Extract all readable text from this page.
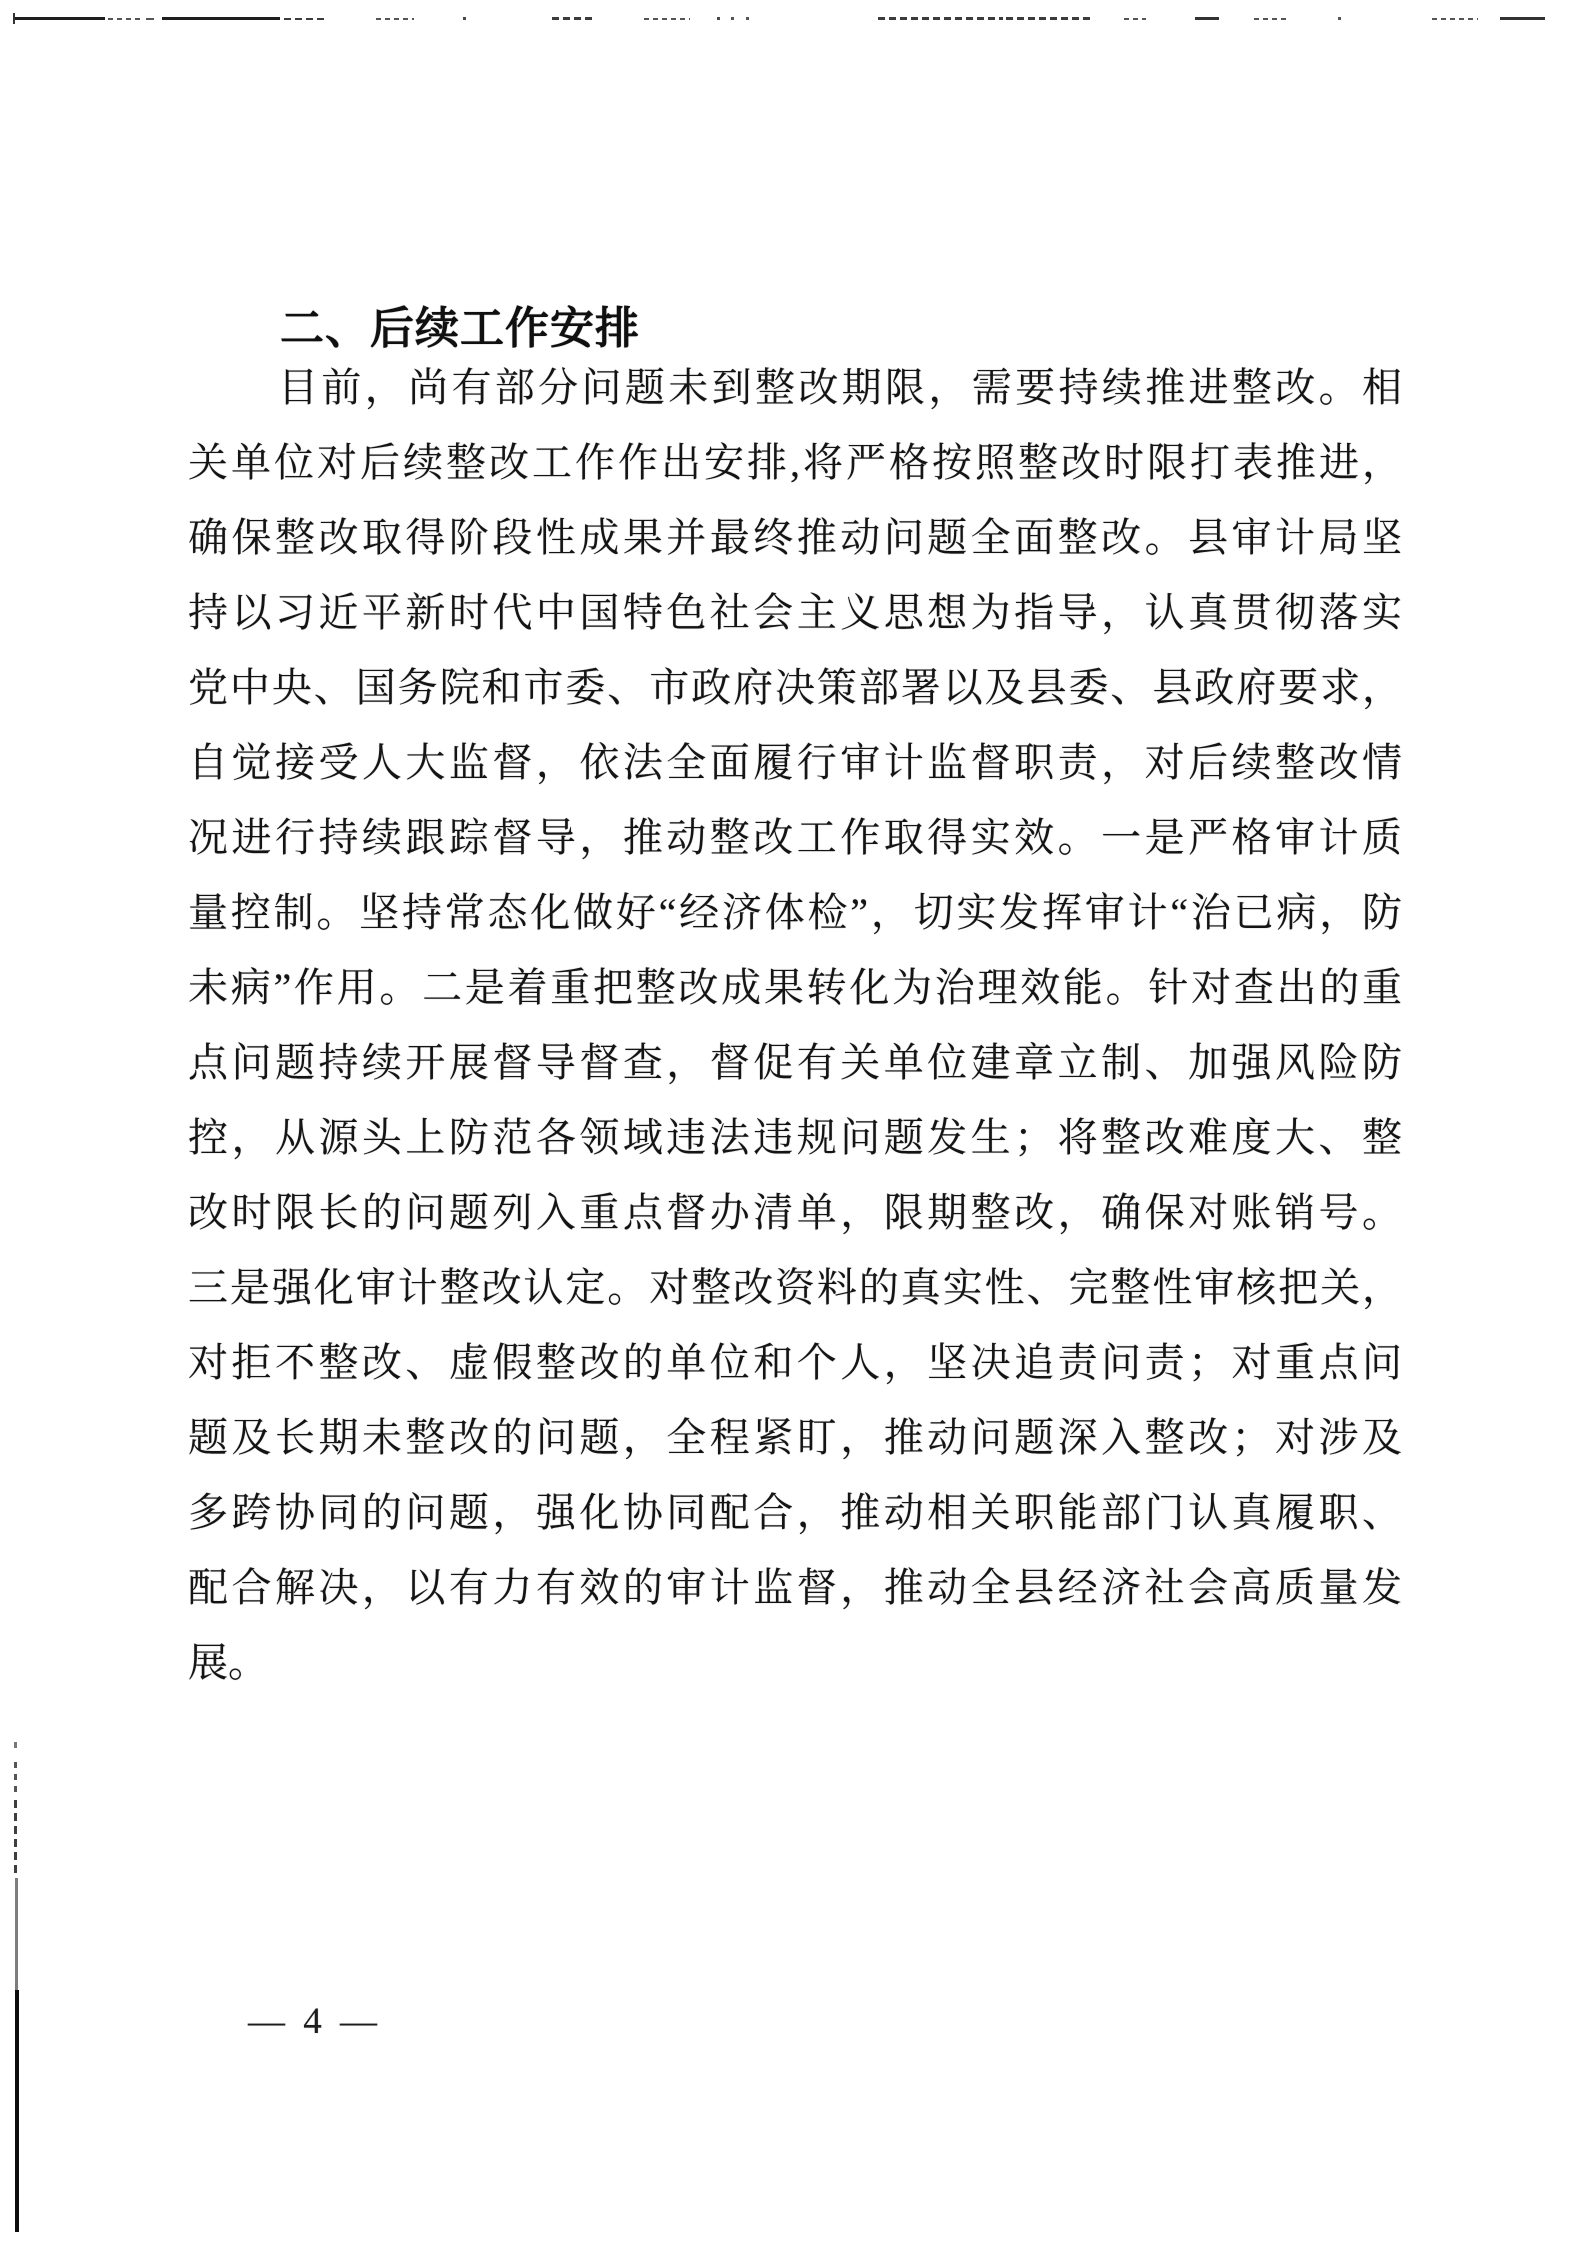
二、后续工作安排
目前，尚有部分问题未到整改期限，需要持续推进整改。相
关单位对后续整改工作作出安排,将严格按照整改时限打表推进，
确保整改取得阶段性成果并最终推动问题全面整改。县审计局坚
持以习近平新时代中国特色社会主义思想为指导，认真贯彻落实
党中央、国务院和市委、市政府决策部署以及县委、县政府要求，
自觉接受人大监督，依法全面履行审计监督职责，对后续整改情
况进行持续跟踪督导，推动整改工作取得实效。一是严格审计质
量控制。坚持常态化做好“经济体检”，切实发挥审计“治已病，防
未病”作用。二是着重把整改成果转化为治理效能。针对查出的重
点问题持续开展督导督查，督促有关单位建章立制、加强风险防
控，从源头上防范各领域违法违规问题发生；将整改难度大、整
改时限长的问题列入重点督办清单，限期整改，确保对账销号。
三是强化审计整改认定。对整改资料的真实性、完整性审核把关，
对拒不整改、虚假整改的单位和个人，坚决追责问责；对重点问
题及长期未整改的问题，全程紧盯，推动问题深入整改；对涉及
多跨协同的问题，强化协同配合，推动相关职能部门认真履职、
配合解决，以有力有效的审计监督，推动全县经济社会高质量发
展。
— 4 —
